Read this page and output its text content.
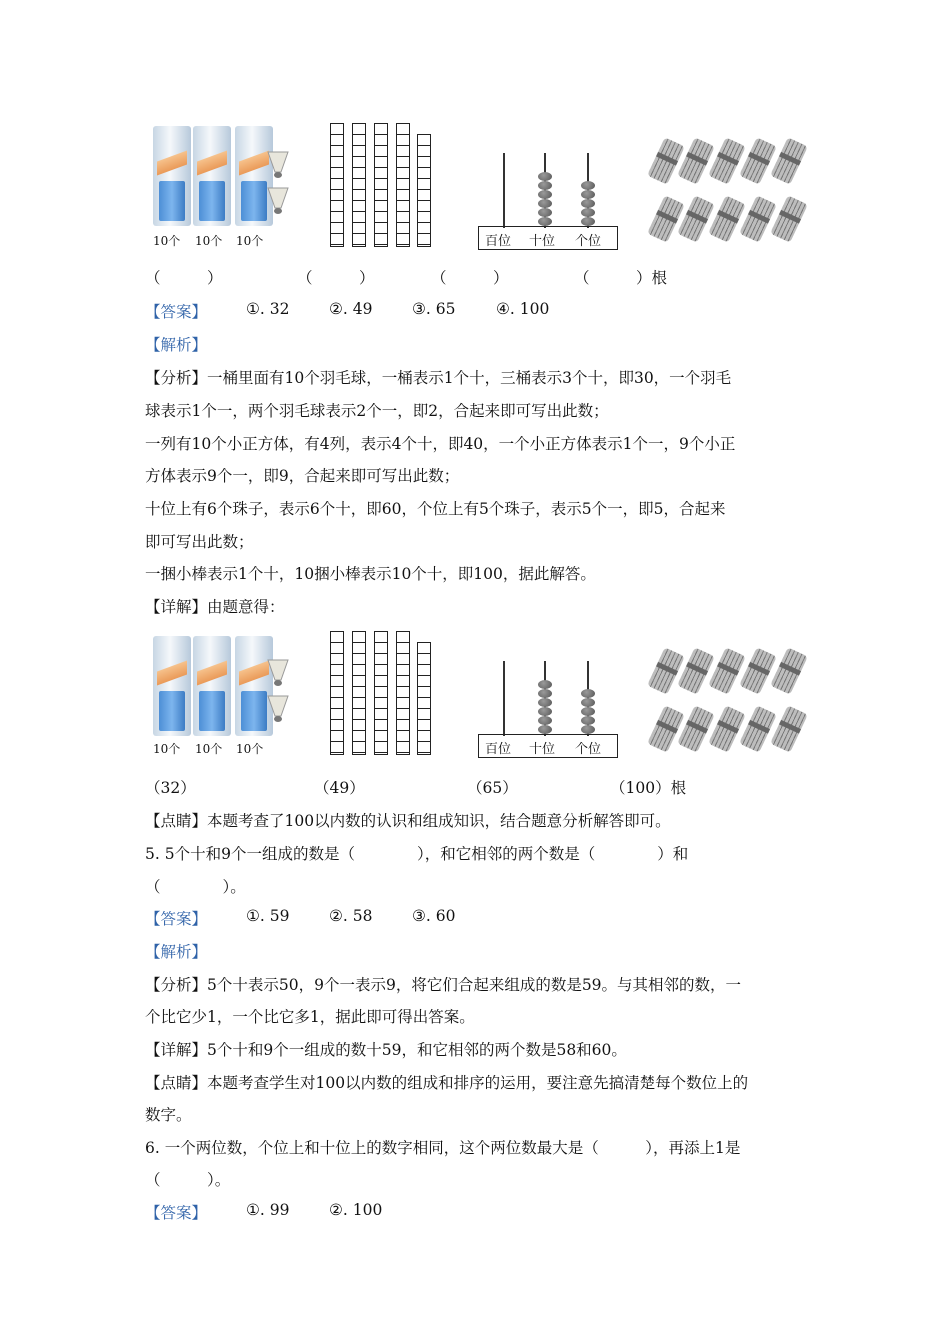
10个 10个 10个	百位 十位 个位
（　　　）	（　　　）	（　　　）	（　　　）根
【答案】	①. 32	②. 49	③. 65	④. 100
【解析】
【分析】一桶里面有10个羽毛球，一桶表示1个十，三桶表示3个十，即30，一个羽毛
球表示1个一，两个羽毛球表示2个一，即2，合起来即可写出此数；
一列有10个小正方体，有4列，表示4个十，即40，一个小正方体表示1个一，9个小正
方体表示9个一，即9，合起来即可写出此数；
十位上有6个珠子，表示6个十，即60，个位上有5个珠子，表示5个一，即5，合起来
即可写出此数；
一捆小棒表示1个十，10捆小棒表示10个十，即100，据此解答。
【详解】由题意得：
10个 10个 10个	百位 十位 个位
（32）	（49）	（65）	（100）根
【点睛】本题考查了100以内数的认识和组成知识，结合题意分析解答即可。
5. 5个十和9个一组成的数是（　　　　），和它相邻的两个数是（　　　　）和
（　　　　）。
【答案】	①. 59	②. 58	③. 60
【解析】
【分析】5个十表示50，9个一表示9，将它们合起来组成的数是59。与其相邻的数，一
个比它少1，一个比它多1，据此即可得出答案。
【详解】5个十和9个一组成的数十59，和它相邻的两个数是58和60。
【点睛】本题考查学生对100以内数的组成和排序的运用，要注意先搞清楚每个数位上的
数字。
6. 一个两位数，个位上和十位上的数字相同，这个两位数最大是（　　　），再添上1是
（　　　）。
【答案】	①. 99	②. 100
